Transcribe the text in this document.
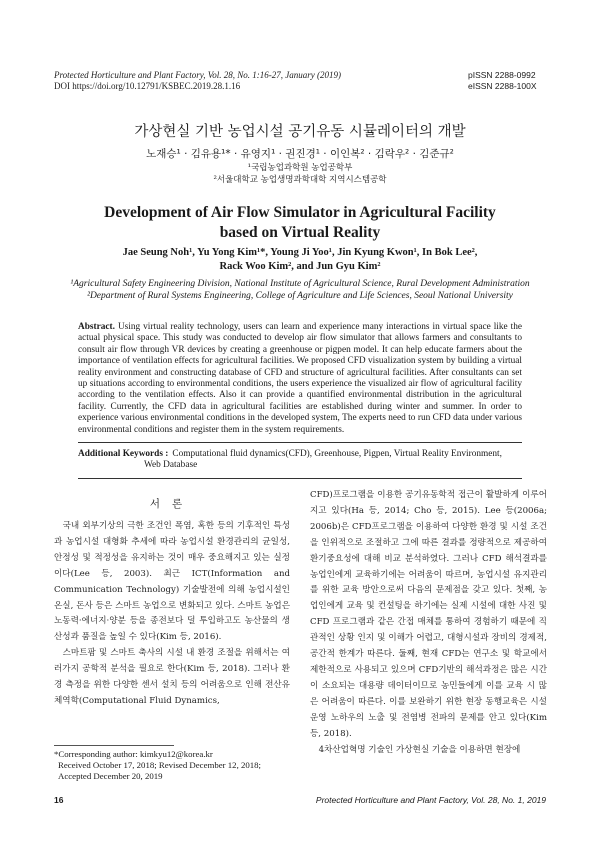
Protected Horticulture and Plant Factory, Vol. 28, No. 1:16-27, January (2019)
DOI https://doi.org/10.12791/KSBEC.2019.28.1.16
pISSN 2288-0992
eISSN 2288-100X
가상현실 기반 농업시설 공기유동 시뮬레이터의 개발
노재승¹ · 김유용¹* · 유영지¹ · 권진경¹ · 이인복² · 김락우² · 김준규²
¹국립농업과학원 농업공학부
²서울대학교 농업생명과학대학 지역시스템공학
Development of Air Flow Simulator in Agricultural Facility
based on Virtual Reality
Jae Seung Noh¹, Yu Yong Kim¹*, Young Ji Yoo¹, Jin Kyung Kwon¹, In Bok Lee²,
Rack Woo Kim², and Jun Gyu Kim²
¹Agricultural Safety Engineering Division, National Institute of Agricultural Science, Rural Development Administration
²Department of Rural Systems Engineering, College of Agriculture and Life Sciences, Seoul National University
Abstract. Using virtual reality technology, users can learn and experience many interactions in virtual space like the actual physical space. This study was conducted to develop air flow simulator that allows farmers and consultants to consult air flow through VR devices by creating a greenhouse or pigpen model. It can help educate farmers about the importance of ventilation effects for agricultural facilities. We proposed CFD visualization system by building a virtual reality environment and constructing database of CFD and structure of agricultural facilities. After consultants can set up situations according to environmental conditions, the users experience the visualized air flow of agricultural facility according to the ventilation effects. Also it can provide a quantified environmental distribution in the agricultural facility. Currently, the CFD data in agricultural facilities are established during winter and summer. In order to experience various environmental conditions in the developed system, The experts need to run CFD data under various environmental conditions and register them in the system requirements.
Additional Keywords : Computational fluid dynamics(CFD), Greenhouse, Pigpen, Virtual Reality Environment,
Web Database
서론

국내 외부기상의 극한 조건인 폭염, 혹한 등의 기후적인 특성과 농업시설 대형화 추세에 따라 농업시설 환경관리의 균일성, 안정성 및 적정성을 유지하는 것이 매우 중요해지고 있는 실정이다(Lee 등, 2003). 최근 ICT(Information and Communication Technology) 기술발전에 의해 농업시설인 온실, 돈사 등은 스마트 농업으로 변화되고 있다. 스마트 농업은 노동력·에너지·양분 등을 종전보다 덜 투입하고도 농산물의 생산성과 품질을 높일 수 있다(Kim 등, 2016).

스마트팜 및 스마트 축사의 시설 내 환경 조절을 위해서는 여러가지 공학적 분석을 필요로 한다(Kim 등, 2018). 그러나 환경 측정을 위한 다양한 센서 설치 등의 어려움으로 인해 전산유체역학(Computational Fluid Dynamics,

CFD)프로그램을 이용한 공기유동학적 접근이 활발하게 이루어지고 있다(Ha 등, 2014; Cho 등, 2015). Lee 등(2006a; 2006b)은 CFD프로그램을 이용하여 다양한 환경 및 시설 조건을 인위적으로 조절하고 그에 따른 결과를 정량적으로 제공하여 환기중요성에 대해 비교 분석하였다. 그러나 CFD 해석결과를 농업인에게 교육하기에는 어려움이 따르며, 농업시설 유지관리를 위한 교육 방안으로써 다음의 문제점을 갖고 있다. 첫째, 농업인에게 교육 및 컨설팅을 하기에는 실제 시설에 대한 사진 및 CFD 프로그램과 같은 간접 매체를 통하여 경험하기 때문에 직관적인 상황 인지 및 이해가 어렵고, 대형시설과 장비의 경제적, 공간적 한계가 따른다. 둘째, 현재 CFD는 연구소 및 학교에서 제한적으로 사용되고 있으며 CFD기반의 해석과정은 많은 시간이 소요되는 대용량 데이터이므로 농민들에게 이를 교육 시 많은 어려움이 따른다. 이를 보완하기 위한 현장 동행교육은 시설운영 노하우의 노출 및 전염병 전파의 문제를 안고 있다(Kim 등, 2018).

4차산업혁명 기술인 가상현실 기술을 이용하면 현장에

*Corresponding author: kimkyu12@korea.kr
Received October 17, 2018; Revised December 12, 2018;
Accepted December 20, 2019
16	Protected Horticulture and Plant Factory, Vol. 28, No. 1, 2019
